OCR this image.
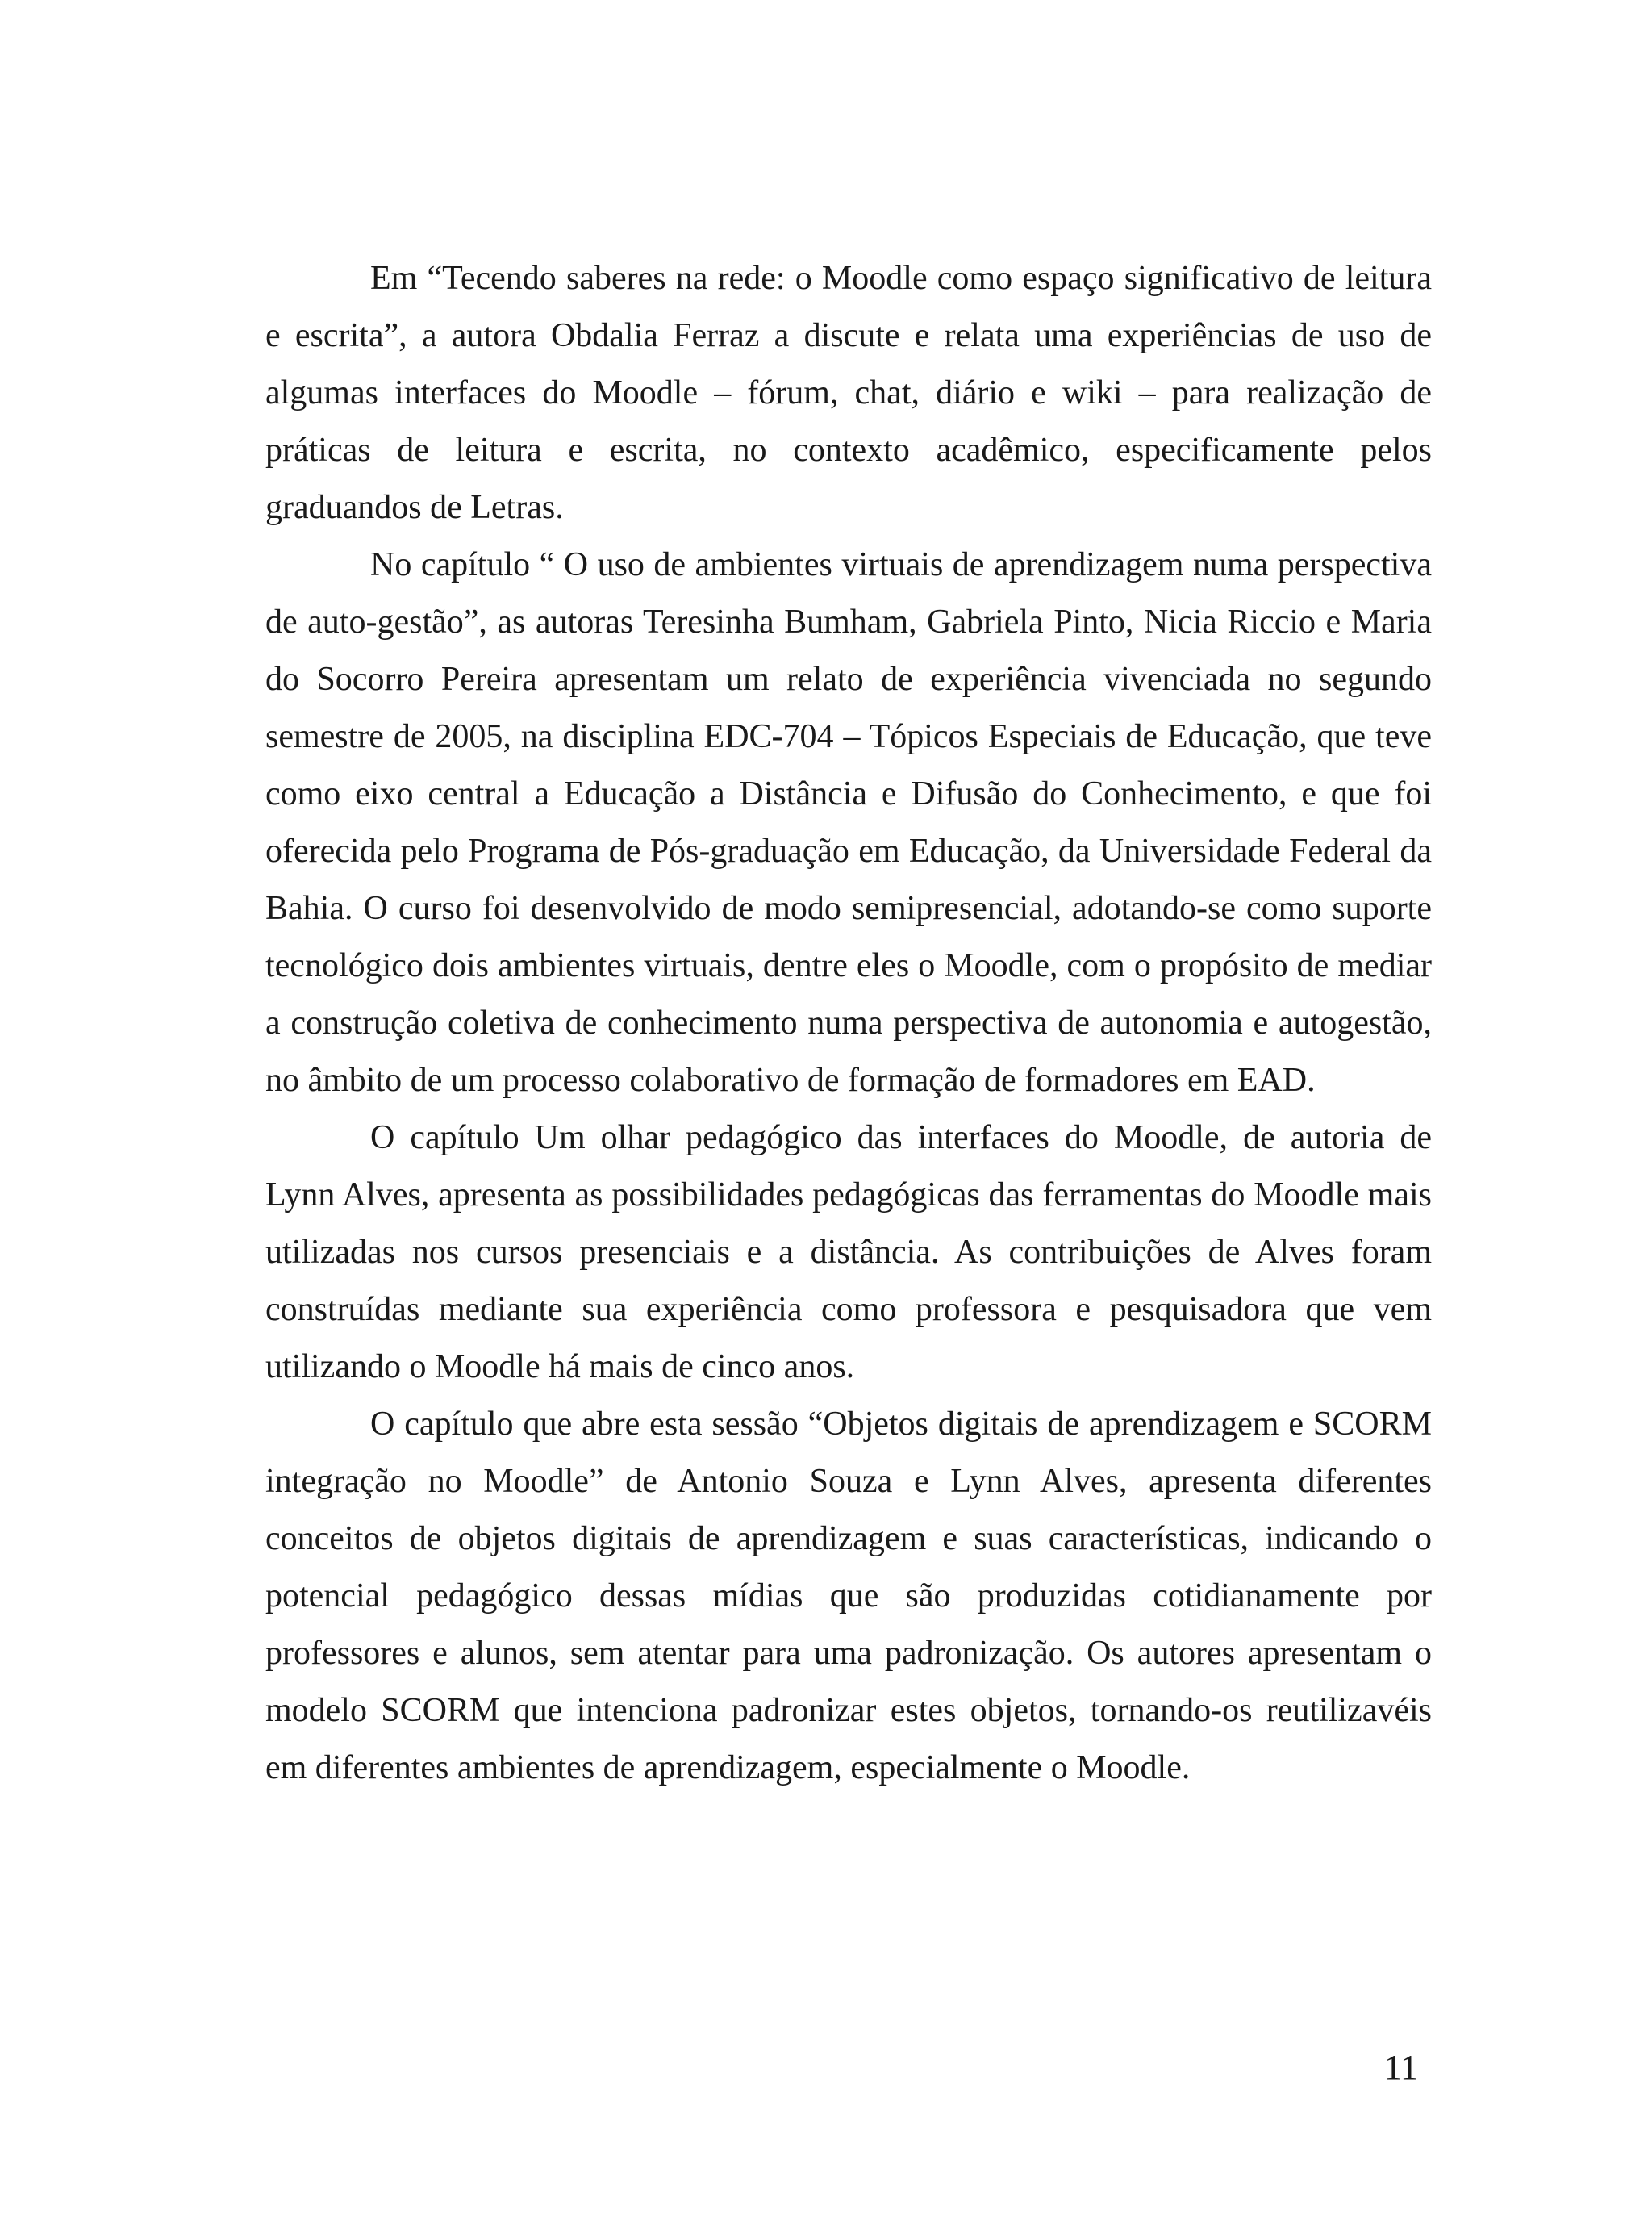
Em “Tecendo saberes na rede: o Moodle como espaço significativo de leitura e escrita”, a autora Obdalia Ferraz a discute e relata uma experiências de uso de algumas interfaces do Moodle – fórum, chat, diário e wiki – para realização de práticas de leitura e escrita, no contexto acadêmico, especificamente pelos graduandos de Letras.

No capítulo “ O uso de ambientes virtuais de aprendizagem numa perspectiva de auto-gestão”, as autoras Teresinha Bumham, Gabriela Pinto, Nicia Riccio e Maria do Socorro Pereira apresentam um relato de experiência vivenciada no segundo semestre de 2005, na disciplina EDC-704 – Tópicos Especiais de Educação, que teve como eixo central a Educação a Distância e Difusão do Conhecimento, e que foi oferecida pelo Programa de Pós-graduação em Educação, da Universidade Federal da Bahia. O curso foi desenvolvido de modo semipresencial, adotando-se como suporte tecnológico dois ambientes virtuais, dentre eles o Moodle, com o propósito de mediar a construção coletiva de conhecimento numa perspectiva de autonomia e autogestão, no âmbito de um processo colaborativo de formação de formadores em EAD.

O capítulo Um olhar pedagógico das interfaces do Moodle, de autoria de Lynn Alves, apresenta as possibilidades pedagógicas das ferramentas do Moodle mais utilizadas nos cursos presenciais e a distância. As contribuições de Alves foram construídas mediante sua experiência como professora e pesquisadora que vem utilizando o Moodle há mais de cinco anos.

O capítulo que abre esta sessão “Objetos digitais de aprendizagem e SCORM integração no Moodle” de Antonio Souza e Lynn Alves, apresenta diferentes conceitos de objetos digitais de aprendizagem e suas características, indicando o potencial pedagógico dessas mídias que são produzidas cotidianamente por professores e alunos, sem atentar para uma padronização. Os autores apresentam o modelo SCORM que intenciona padronizar estes objetos, tornando-os reutilizavéis em diferentes ambientes de aprendizagem, especialmente o Moodle.

11
